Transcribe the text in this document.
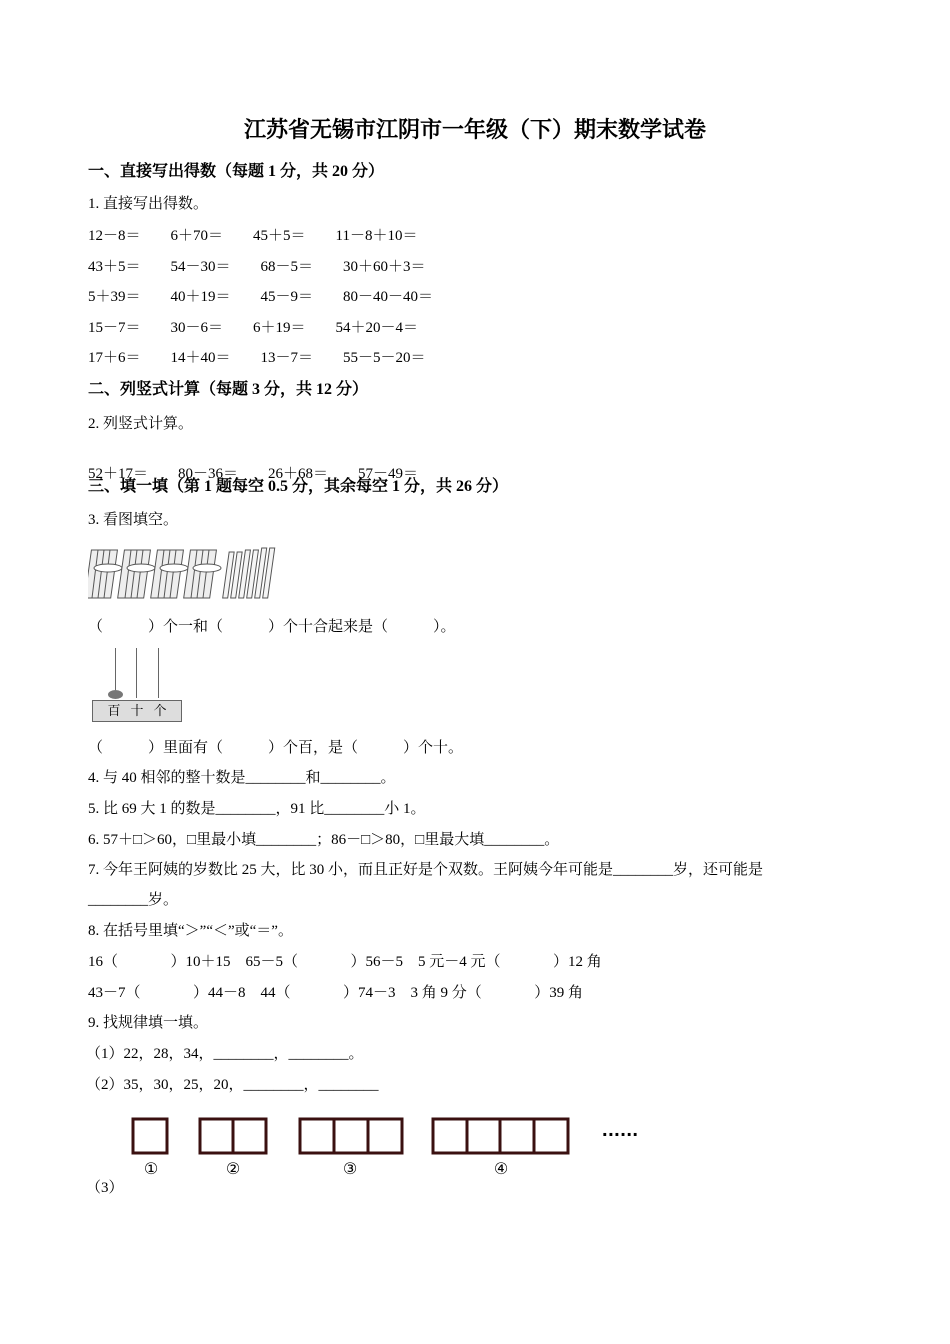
江苏省无锡市江阴市一年级（下）期末数学试卷
一、直接写出得数（每题 1 分，共 20 分）
1. 直接写出得数。
12－8＝ 6＋70＝ 45＋5＝ 11－8＋10＝
43＋5＝ 54－30＝ 68－5＝ 30＋60＋3＝
5＋39＝ 40＋19＝ 45－9＝ 80－40－40＝
15－7＝ 30－6＝ 6＋19＝ 54＋20－4＝
17＋6＝ 14＋40＝ 13－7＝ 55－5－20＝
二、列竖式计算（每题 3 分，共 12 分）
2. 列竖式计算。

52＋17＝ 80－36＝ 26＋68＝ 57－49＝
三、填一填（第 1 题每空 0.5 分，其余每空 1 分，共 26 分）
3. 看图填空。
（            ）个一和（            ）个十合起来是（            ）。
百 十 个
（            ）里面有（            ）个百，是（            ）个十。
4. 与 40 相邻的整十数是________和________。
5. 比 69 大 1 的数是________，91 比________小 1。
6. 57＋□＞60，□里最小填________；86－□＞80，□里最大填________。
7. 今年王阿姨的岁数比 25 大，比 30 小，而且正好是个双数。王阿姨今年可能是________岁，还可能是
________岁。
8. 在括号里填“＞”“＜”或“＝”。
16（              ）10＋15    65－5（              ）56－5    5 元－4 元（              ）12 角
43－7（              ）44－8    44（              ）74－3    3 角 9 分（              ）39 角
9. 找规律填一填。
（1）22，28，34，________，________。
（2）35，30，25，20，________，________
①	②	③	④
······
（3）
